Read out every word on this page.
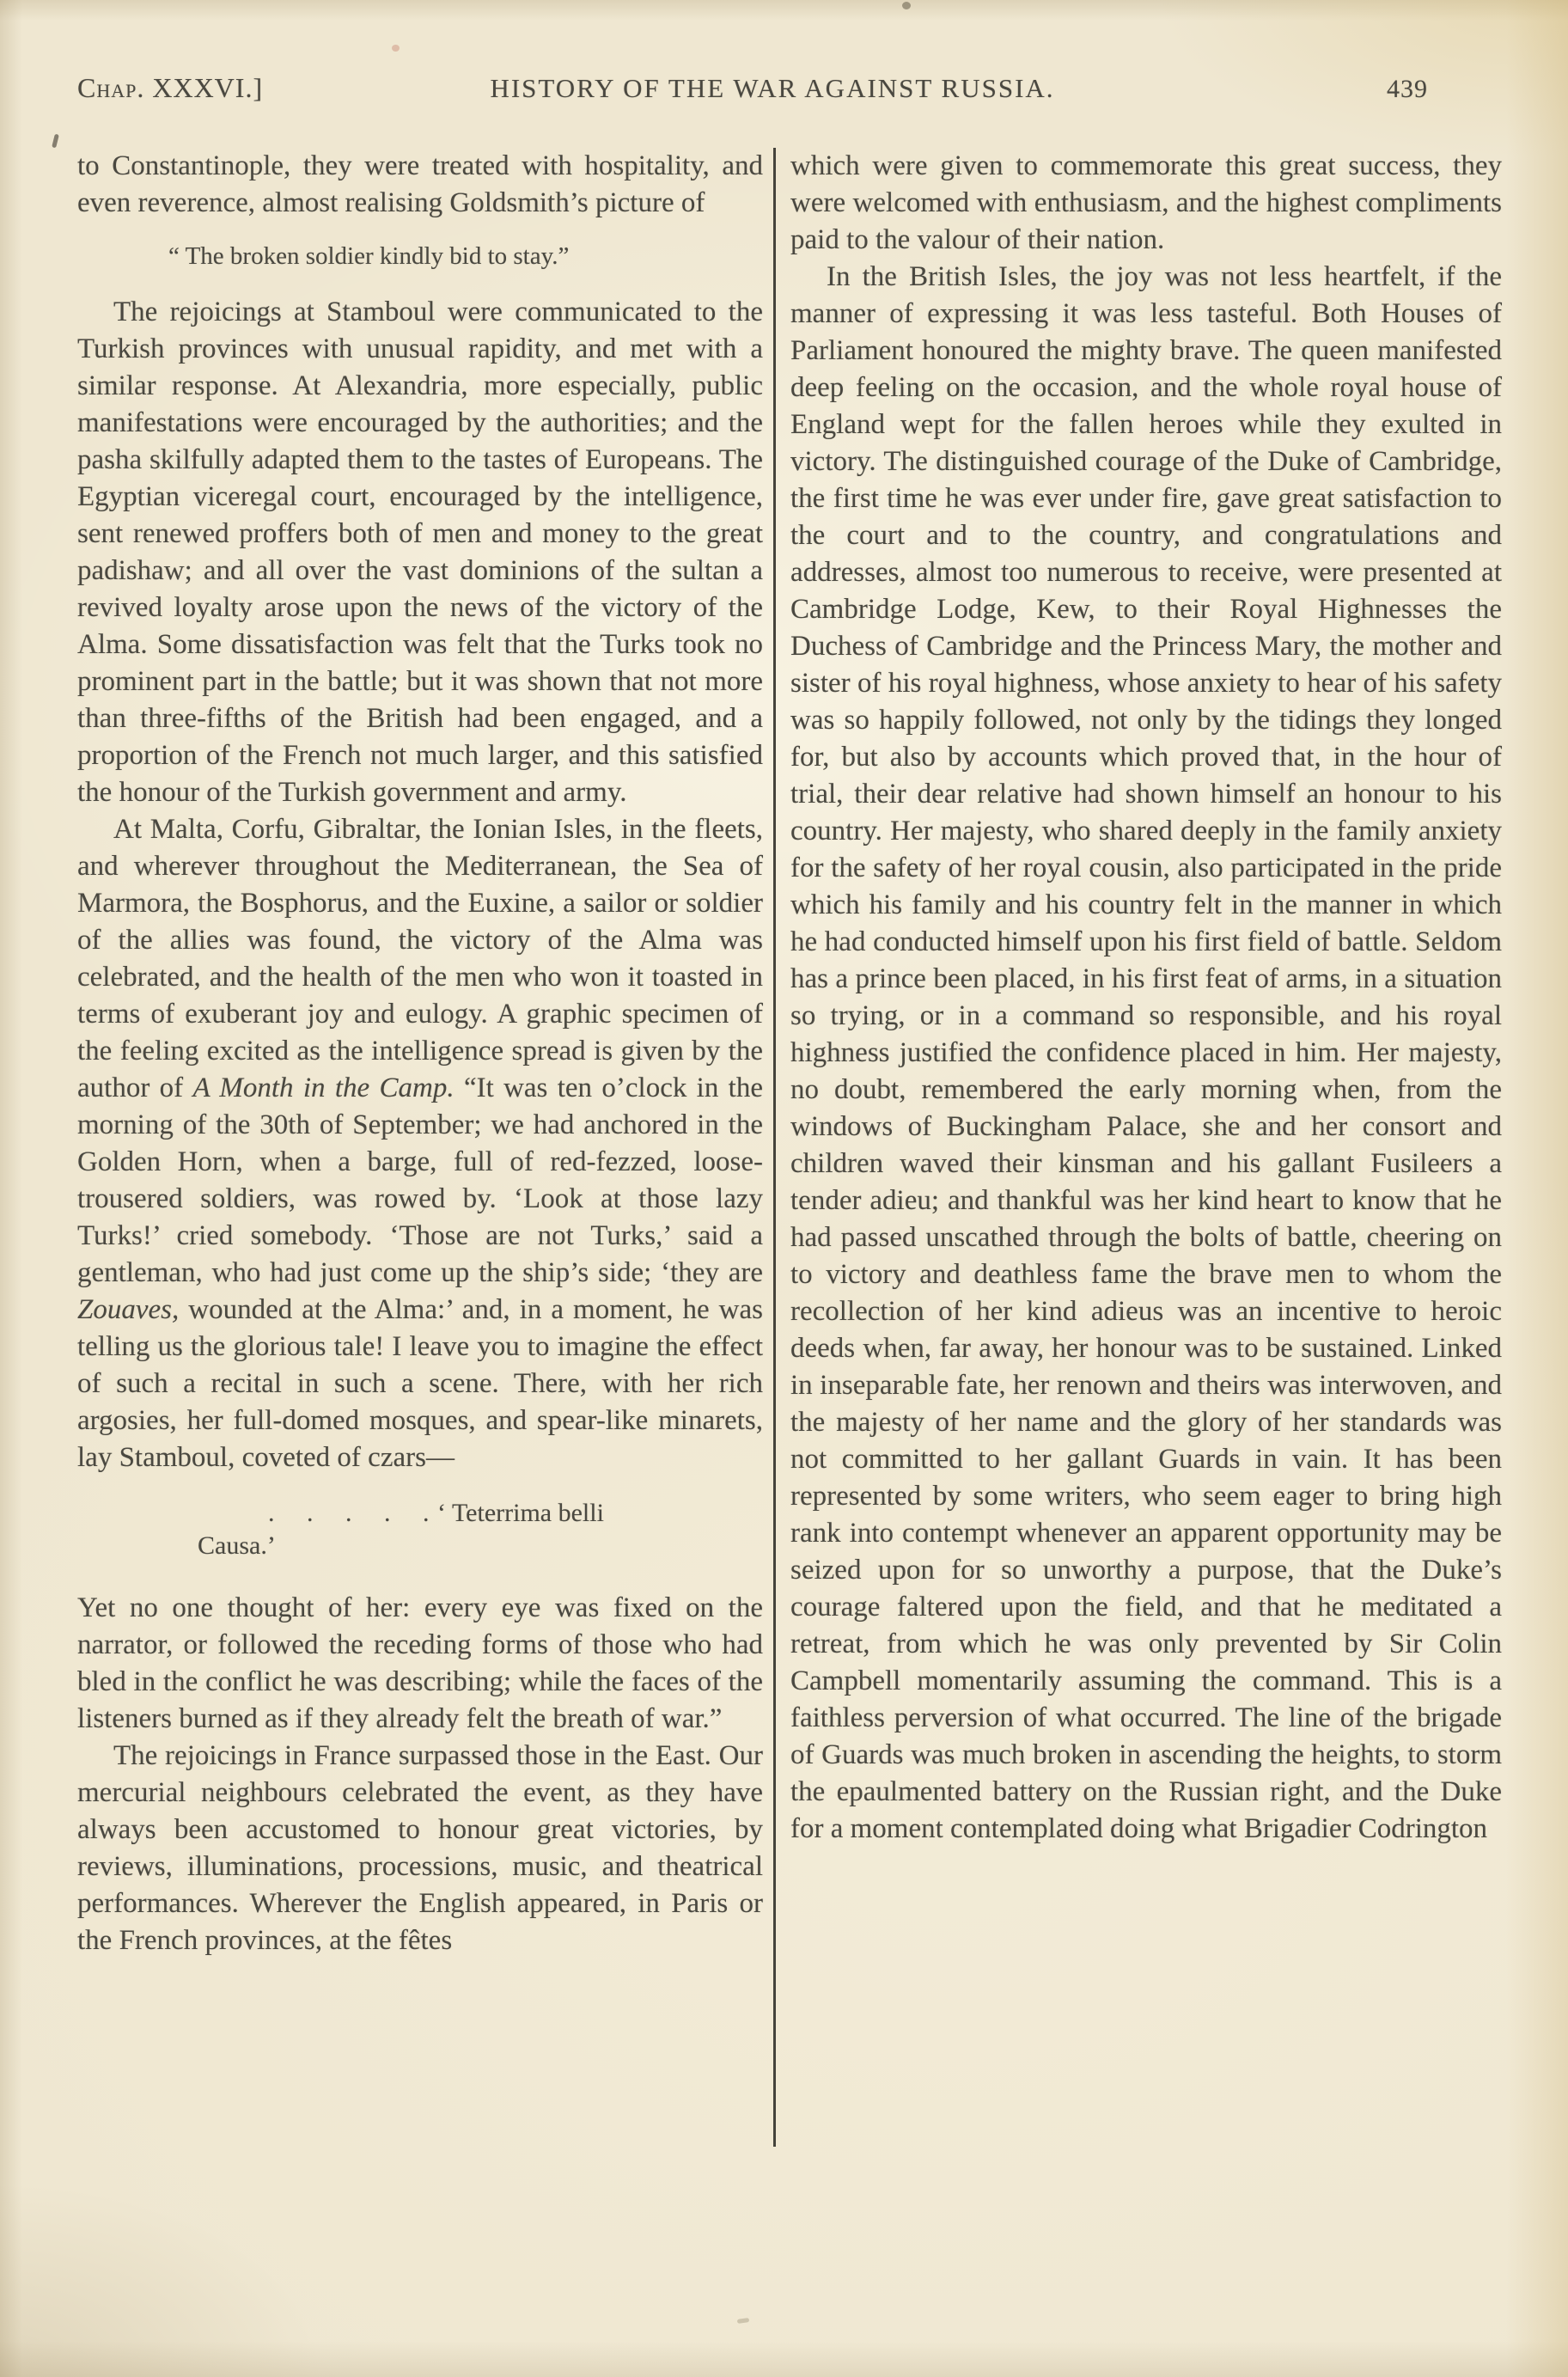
Chap. XXXVI.]	HISTORY OF THE WAR AGAINST RUSSIA.	439

to Constantinople, they were treated with hospitality, and even reverence, almost realising Goldsmith’s picture of

“ The broken soldier kindly bid to stay.”

The rejoicings at Stamboul were communicated to the Turkish provinces with unusual rapidity, and met with a similar response. At Alexandria, more especially, public manifestations were encouraged by the authorities; and the pasha skilfully adapted them to the tastes of Europeans. The Egyptian viceregal court, encouraged by the intelligence, sent renewed proffers both of men and money to the great padishaw; and all over the vast dominions of the sultan a revived loyalty arose upon the news of the victory of the Alma. Some dissatisfaction was felt that the Turks took no prominent part in the battle; but it was shown that not more than three-fifths of the British had been engaged, and a proportion of the French not much larger, and this satisfied the honour of the Turkish government and army.

At Malta, Corfu, Gibraltar, the Ionian Isles, in the fleets, and wherever throughout the Mediterranean, the Sea of Marmora, the Bosphorus, and the Euxine, a sailor or soldier of the allies was found, the victory of the Alma was celebrated, and the health of the men who won it toasted in terms of exuberant joy and eulogy. A graphic specimen of the feeling excited as the intelligence spread is given by the author of A Month in the Camp. “It was ten o’clock in the morning of the 30th of September; we had anchored in the Golden Horn, when a barge, full of red-fezzed, loose-trousered soldiers, was rowed by. ‘Look at those lazy Turks!’ cried somebody. ‘Those are not Turks,’ said a gentleman, who had just come up the ship’s side; ‘they are Zouaves, wounded at the Alma:’ and, in a moment, he was telling us the glorious tale! I leave you to imagine the effect of such a recital in such a scene. There, with her rich argosies, her full-domed mosques, and spear-like minarets, lay Stamboul, coveted of czars—

. . . . . ‘ Teterrima belli
Causa.’

Yet no one thought of her: every eye was fixed on the narrator, or followed the receding forms of those who had bled in the conflict he was describing; while the faces of the listeners burned as if they already felt the breath of war.”

The rejoicings in France surpassed those in the East. Our mercurial neighbours celebrated the event, as they have always been accustomed to honour great victories, by reviews, illuminations, processions, music, and theatrical performances. Wherever the English appeared, in Paris or the French provinces, at the fêtes

which were given to commemorate this great success, they were welcomed with enthusiasm, and the highest compliments paid to the valour of their nation.

In the British Isles, the joy was not less heartfelt, if the manner of expressing it was less tasteful. Both Houses of Parliament honoured the mighty brave. The queen manifested deep feeling on the occasion, and the whole royal house of England wept for the fallen heroes while they exulted in victory. The distinguished courage of the Duke of Cambridge, the first time he was ever under fire, gave great satisfaction to the court and to the country, and congratulations and addresses, almost too numerous to receive, were presented at Cambridge Lodge, Kew, to their Royal Highnesses the Duchess of Cambridge and the Princess Mary, the mother and sister of his royal highness, whose anxiety to hear of his safety was so happily followed, not only by the tidings they longed for, but also by accounts which proved that, in the hour of trial, their dear relative had shown himself an honour to his country. Her majesty, who shared deeply in the family anxiety for the safety of her royal cousin, also participated in the pride which his family and his country felt in the manner in which he had conducted himself upon his first field of battle. Seldom has a prince been placed, in his first feat of arms, in a situation so trying, or in a command so responsible, and his royal highness justified the confidence placed in him. Her majesty, no doubt, remembered the early morning when, from the windows of Buckingham Palace, she and her consort and children waved their kinsman and his gallant Fusileers a tender adieu; and thankful was her kind heart to know that he had passed unscathed through the bolts of battle, cheering on to victory and deathless fame the brave men to whom the recollection of her kind adieus was an incentive to heroic deeds when, far away, her honour was to be sustained. Linked in inseparable fate, her renown and theirs was interwoven, and the majesty of her name and the glory of her standards was not committed to her gallant Guards in vain. It has been represented by some writers, who seem eager to bring high rank into contempt whenever an apparent opportunity may be seized upon for so unworthy a purpose, that the Duke’s courage faltered upon the field, and that he meditated a retreat, from which he was only prevented by Sir Colin Campbell momentarily assuming the command. This is a faithless perversion of what occurred. The line of the brigade of Guards was much broken in ascending the heights, to storm the epaulmented battery on the Russian right, and the Duke for a moment contemplated doing what Brigadier Codrington
